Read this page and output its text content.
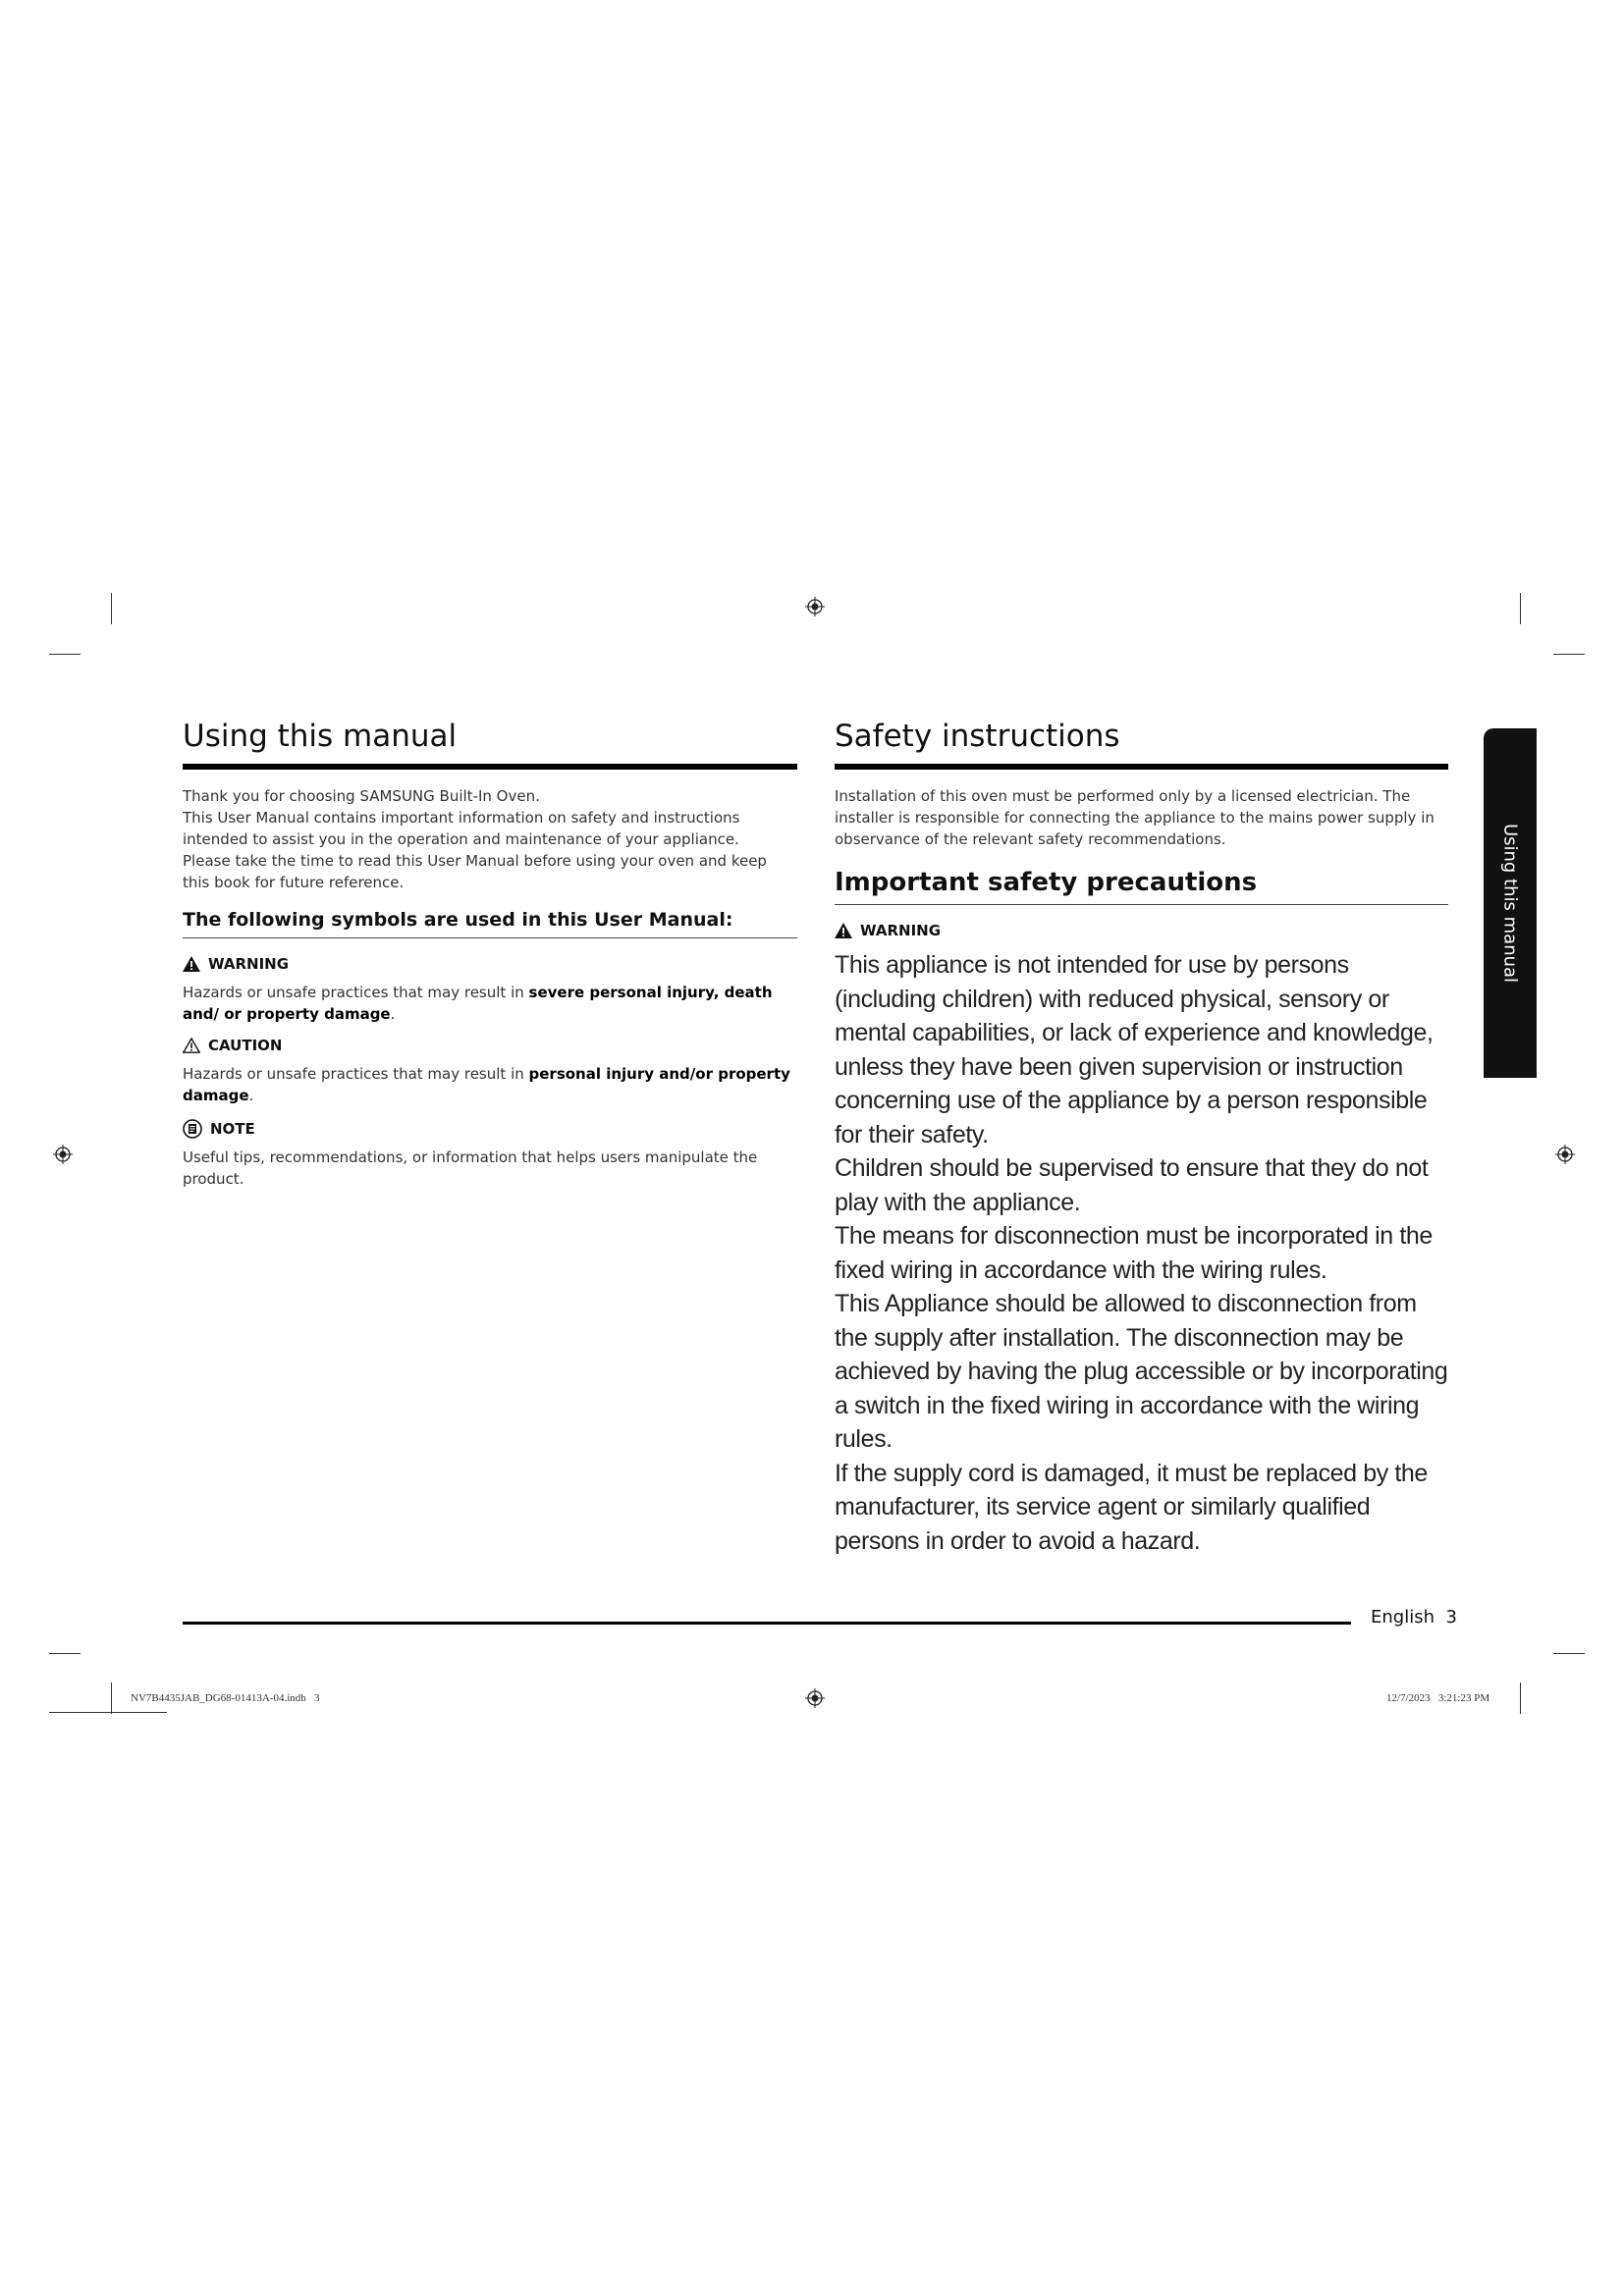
Using this manual

Thank you for choosing SAMSUNG Built-In Oven.
This User Manual contains important information on safety and instructions intended to assist you in the operation and maintenance of your appliance.
Please take the time to read this User Manual before using your oven and keep this book for future reference.

The following symbols are used in this User Manual:
WARNING

Hazards or unsafe practices that may result in severe personal injury, death and/ or property damage.

CAUTION

Hazards or unsafe practices that may result in personal injury and/or property damage.

NOTE

Useful tips, recommendations, or information that helps users manipulate the product.

Safety instructions

Installation of this oven must be performed only by a licensed electrician. The installer is responsible for connecting the appliance to the mains power supply in observance of the relevant safety recommendations.

Important safety precautions
WARNING

This appliance is not intended for use by persons (including children) with reduced physical, sensory or mental capabilities, or lack of experience and knowledge, unless they have been given supervision or instruction concerning use of the appliance by a person responsible for their safety.

Children should be supervised to ensure that they do not play with the appliance.

The means for disconnection must be incorporated in the fixed wiring in accordance with the wiring rules.

This Appliance should be allowed to disconnection from the supply after installation. The disconnection may be achieved by having the plug accessible or by incorporating a switch in the fixed wiring in accordance with the wiring rules.

If the supply cord is damaged, it must be replaced by the manufacturer, its service agent or similarly qualified persons in order to avoid a hazard.

Using this manual
English  3
NV7B4435JAB_DG68-01413A-04.indb   3	12/7/2023   3:21:23 PM
